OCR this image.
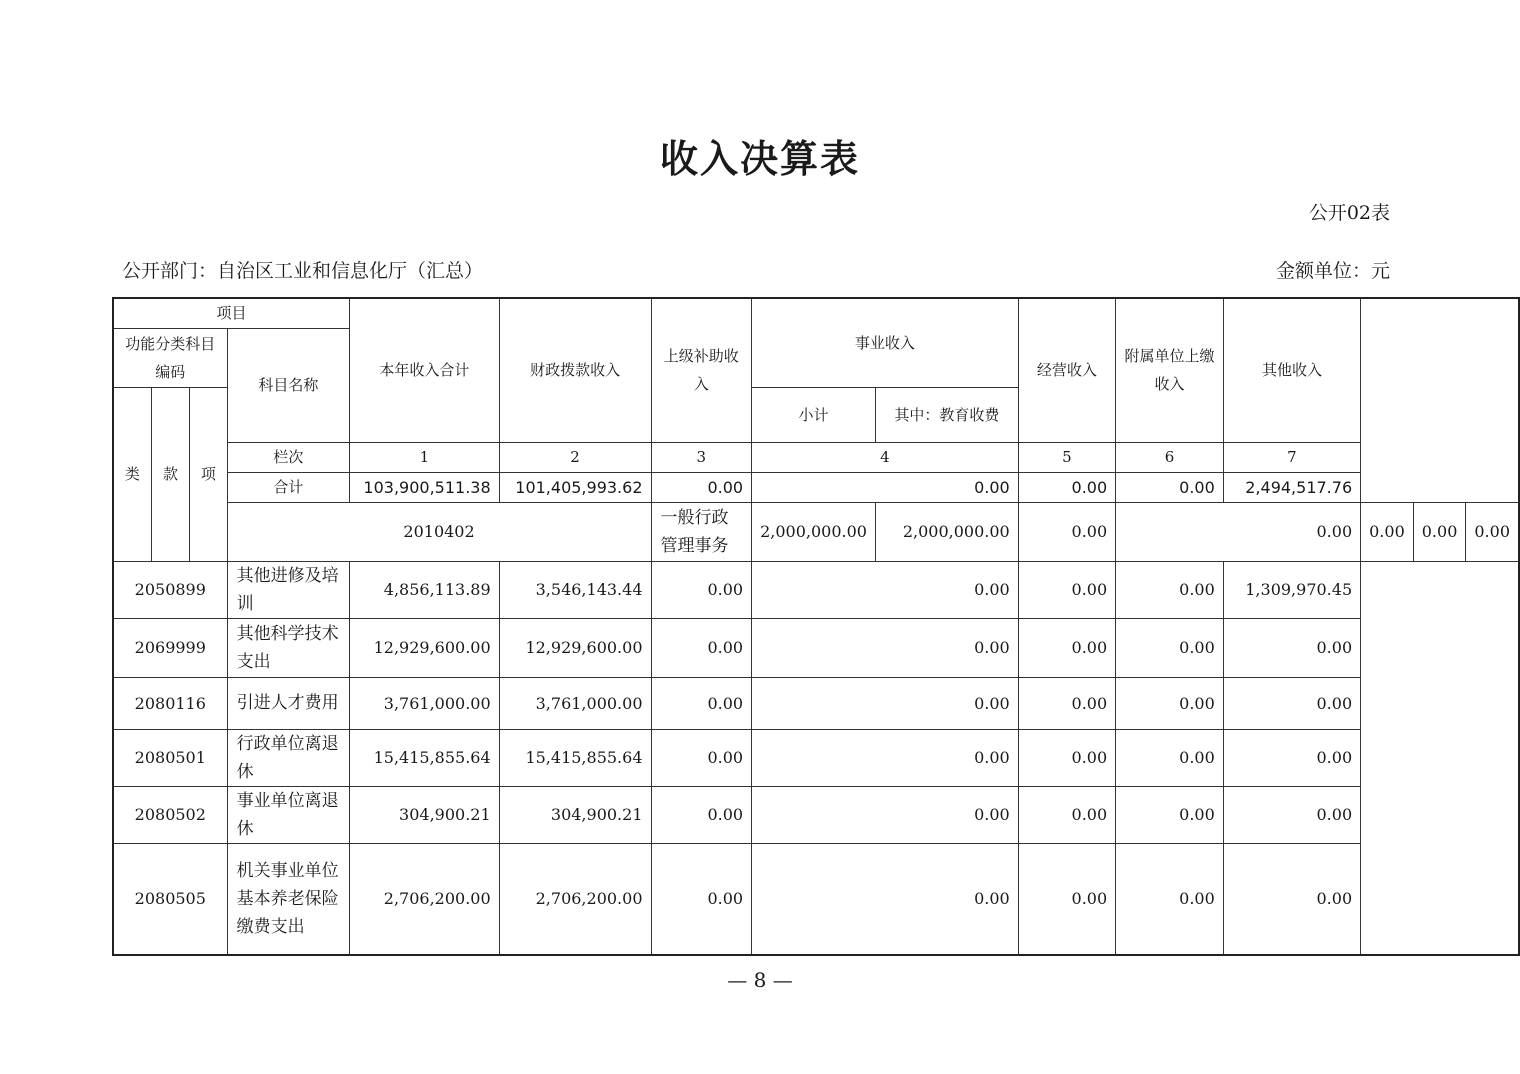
收入决算表
公开02表
公开部门：自治区工业和信息化厅（汇总）	金额单位：元
项目				本年收入合计	财政拨款收入	上级补助收入	事业收入		经营收入	附属单位上缴收入	其他收入			
功能分类科目编码			科目名称											
类	款	项					小计	其中：教育收费						
			栏次	1	2	3	4		5	6	7			
			合计	103,900,511.38	101,405,993.62	0.00	0.00		0.00	0.00	2,494,517.76			
			2010402			一般行政管理事务	2,000,000.00	2,000,000.00	0.00	0.00		0.00	0.00	0.00
2050899			其他进修及培训	4,856,113.89	3,546,143.44	0.00	0.00		0.00	0.00	1,309,970.45			
2069999			其他科学技术支出	12,929,600.00	12,929,600.00	0.00	0.00		0.00	0.00	0.00			
2080116			引进人才费用	3,761,000.00	3,761,000.00	0.00	0.00		0.00	0.00	0.00			
2080501			行政单位离退休	15,415,855.64	15,415,855.64	0.00	0.00		0.00	0.00	0.00			
2080502			事业单位离退休	304,900.21	304,900.21	0.00	0.00		0.00	0.00	0.00			
2080505			机关事业单位基本养老保险缴费支出	2,706,200.00	2,706,200.00	0.00	0.00		0.00	0.00	0.00			
— 8 —
